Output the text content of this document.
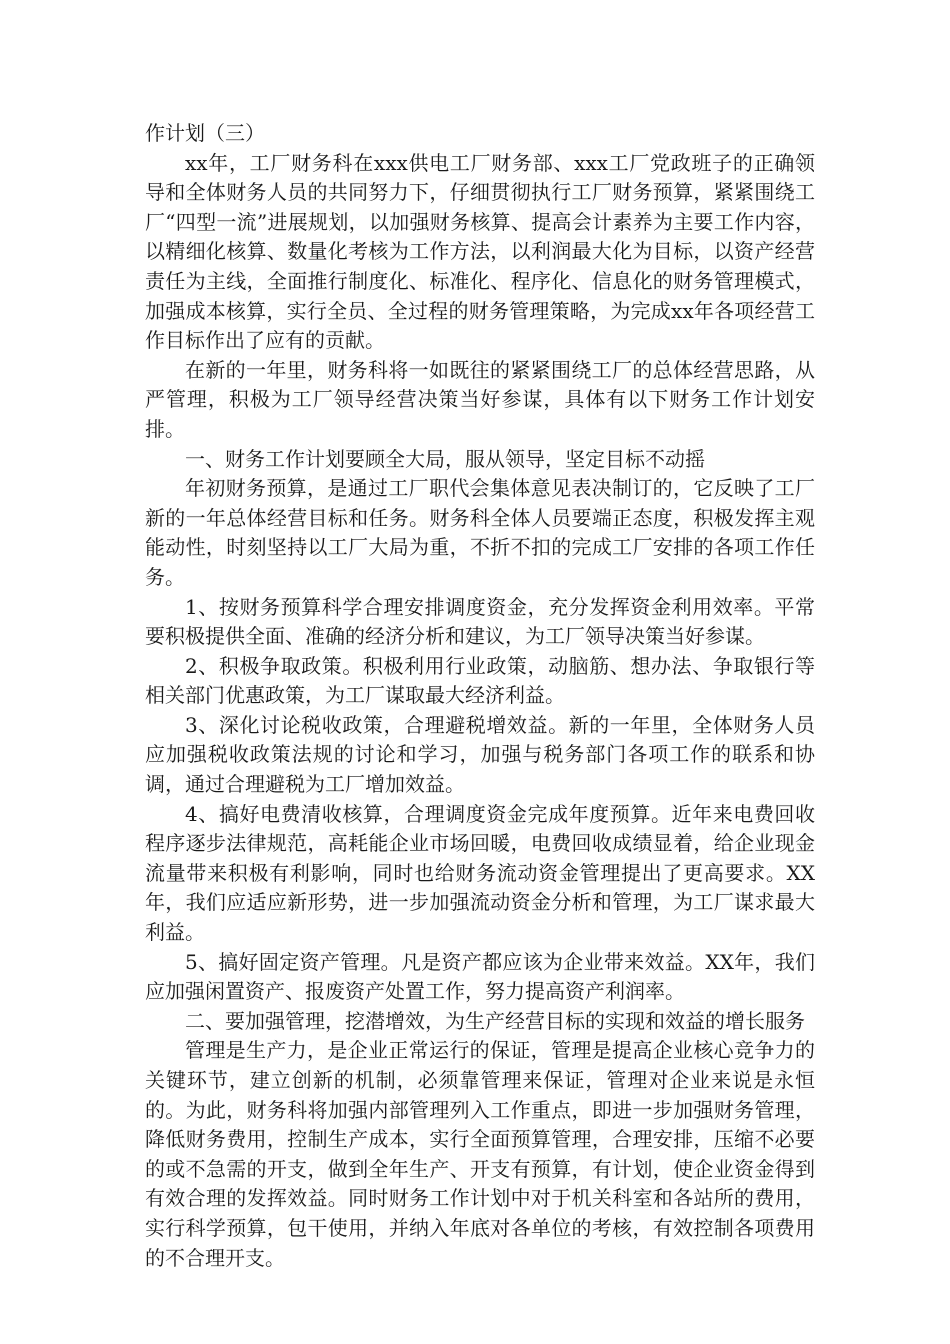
作计划（三）

xx年，工厂财务科在xxx供电工厂财务部、xxx工厂党政班子的正确领导和全体财务人员的共同努力下，仔细贯彻执行工厂财务预算，紧紧围绕工厂“四型一流”进展规划，以加强财务核算、提高会计素养为主要工作内容，以精细化核算、数量化考核为工作方法，以利润最大化为目标，以资产经营责任为主线，全面推行制度化、标准化、程序化、信息化的财务管理模式，加强成本核算，实行全员、全过程的财务管理策略，为完成xx年各项经营工作目标作出了应有的贡献。

在新的一年里，财务科将一如既往的紧紧围绕工厂的总体经营思路，从严管理，积极为工厂领导经营决策当好参谋，具体有以下财务工作计划安排。

一、财务工作计划要顾全大局，服从领导，坚定目标不动摇

年初财务预算，是通过工厂职代会集体意见表决制订的，它反映了工厂新的一年总体经营目标和任务。财务科全体人员要端正态度，积极发挥主观能动性，时刻坚持以工厂大局为重，不折不扣的完成工厂安排的各项工作任务。

1、按财务预算科学合理安排调度资金，充分发挥资金利用效率。平常要积极提供全面、准确的经济分析和建议，为工厂领导决策当好参谋。

2、积极争取政策。积极利用行业政策，动脑筋、想办法、争取银行等相关部门优惠政策，为工厂谋取最大经济利益。

3、深化讨论税收政策，合理避税增效益。新的一年里，全体财务人员应加强税收政策法规的讨论和学习，加强与税务部门各项工作的联系和协调，通过合理避税为工厂增加效益。

4、搞好电费清收核算，合理调度资金完成年度预算。近年来电费回收程序逐步法律规范，高耗能企业市场回暖，电费回收成绩显着，给企业现金流量带来积极有利影响，同时也给财务流动资金管理提出了更高要求。XX年，我们应适应新形势，进一步加强流动资金分析和管理，为工厂谋求最大利益。

5、搞好固定资产管理。凡是资产都应该为企业带来效益。XX年，我们应加强闲置资产、报废资产处置工作，努力提高资产利润率。

二、要加强管理，挖潜增效，为生产经营目标的实现和效益的增长服务

管理是生产力，是企业正常运行的保证，管理是提高企业核心竞争力的关键环节，建立创新的机制，必须靠管理来保证，管理对企业来说是永恒的。为此，财务科将加强内部管理列入工作重点，即进一步加强财务管理，降低财务费用，控制生产成本，实行全面预算管理，合理安排，压缩不必要的或不急需的开支，做到全年生产、开支有预算，有计划，使企业资金得到有效合理的发挥效益。同时财务工作计划中对于机关科室和各站所的费用，实行科学预算，包干使用，并纳入年底对各单位的考核，有效控制各项费用的不合理开支。
